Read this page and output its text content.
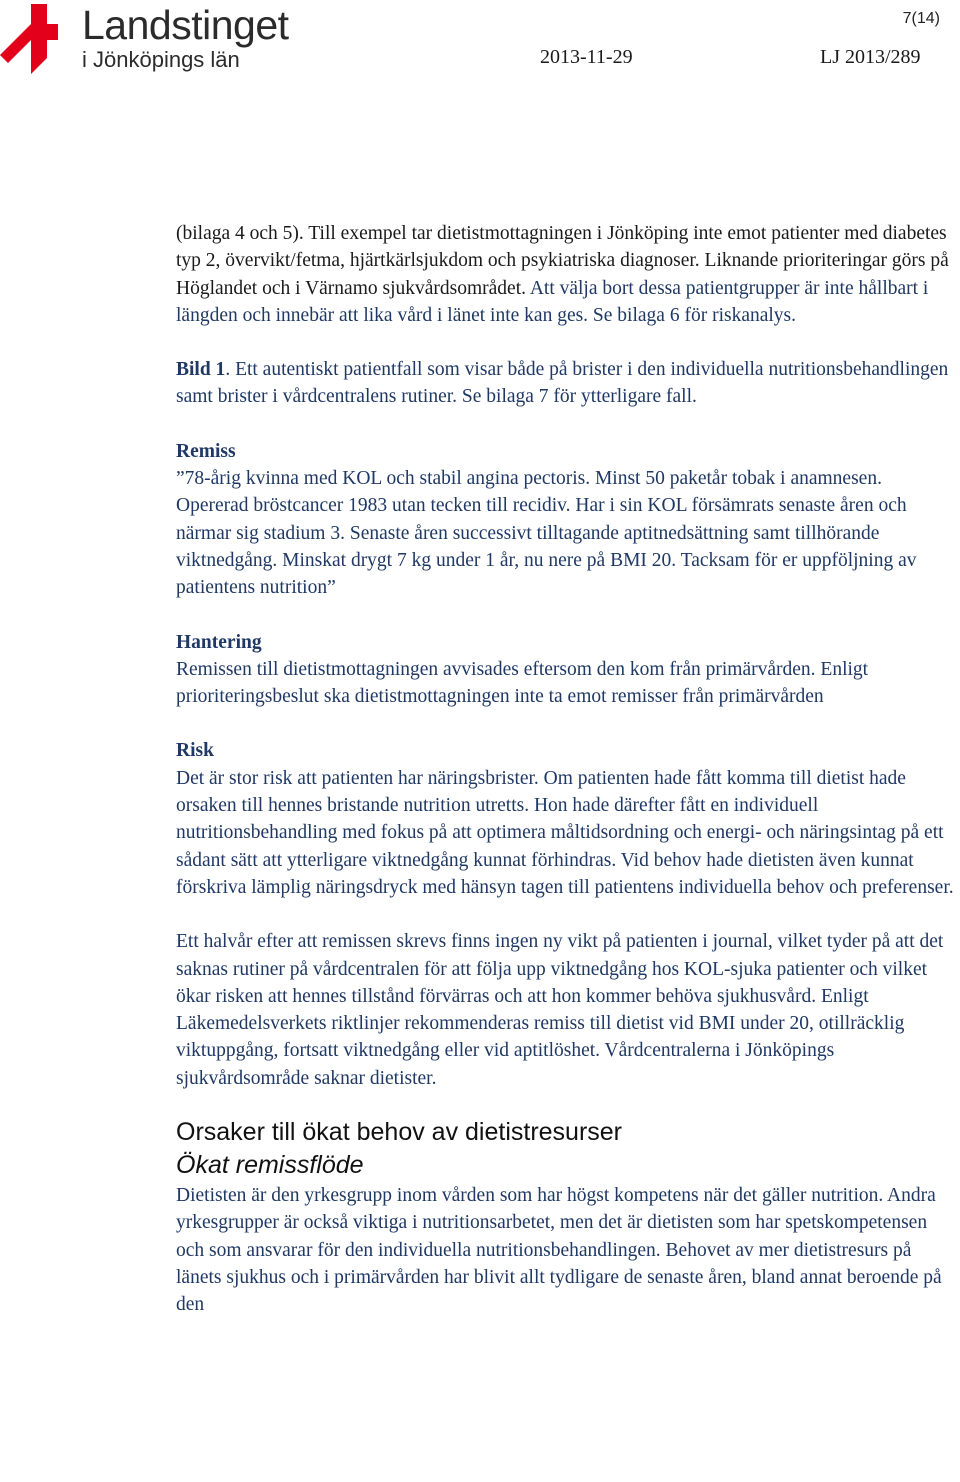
Landstinget
i Jönköpings län
7(14)
2013-11-29	LJ 2013/289

(bilaga 4 och 5). Till exempel tar dietistmottagningen i Jönköping inte emot patienter med diabetes typ 2, övervikt/fetma, hjärtkärlsjukdom och psykiatriska diagnoser. Liknande prioriteringar görs på Höglandet och i Värnamo sjukvårdsområdet. Att välja bort dessa patientgrupper är inte hållbart i längden och innebär att lika vård i länet inte kan ges. Se bilaga 6 för riskanalys.

Bild 1. Ett autentiskt patientfall som visar både på brister i den individuella nutritionsbehandlingen samt brister i vårdcentralens rutiner. Se bilaga 7 för ytterligare fall.

Remiss

”78-årig kvinna med KOL och stabil angina pectoris. Minst 50 paketår tobak i anamnesen. Opererad bröstcancer 1983 utan tecken till recidiv. Har i sin KOL försämrats senaste åren och närmar sig stadium 3. Senaste åren successivt tilltagande aptitnedsättning samt tillhörande viktnedgång. Minskat drygt 7 kg under 1 år, nu nere på BMI 20. Tacksam för er uppföljning av patientens nutrition”

Hantering

Remissen till dietistmottagningen avvisades eftersom den kom från primärvården. Enligt prioriteringsbeslut ska dietistmottagningen inte ta emot remisser från primärvården

Risk

Det är stor risk att patienten har näringsbrister. Om patienten hade fått komma till dietist hade orsaken till hennes bristande nutrition utretts. Hon hade därefter fått en individuell nutritionsbehandling med fokus på att optimera måltidsordning och energi- och näringsintag på ett sådant sätt att ytterligare viktnedgång kunnat förhindras. Vid behov hade dietisten även kunnat förskriva lämplig näringsdryck med hänsyn tagen till patientens individuella behov och preferenser.

Ett halvår efter att remissen skrevs finns ingen ny vikt på patienten i journal, vilket tyder på att det saknas rutiner på vårdcentralen för att följa upp viktnedgång hos KOL-sjuka patienter och vilket ökar risken att hennes tillstånd förvärras och att hon kommer behöva sjukhusvård. Enligt Läkemedelsverkets riktlinjer rekommenderas remiss till dietist vid BMI under 20, otillräcklig viktuppgång, fortsatt viktnedgång eller vid aptitlöshet. Vårdcentralerna i Jönköpings sjukvårdsområde saknar dietister.

Orsaker till ökat behov av dietistresurser
Ökat remissflöde

Dietisten är den yrkesgrupp inom vården som har högst kompetens när det gäller nutrition. Andra yrkesgrupper är också viktiga i nutritionsarbetet, men det är dietisten som har spetskompetensen och som ansvarar för den individuella nutritionsbehandlingen. Behovet av mer dietistresurs på länets sjukhus och i primärvården har blivit allt tydligare de senaste åren, bland annat beroende på den
